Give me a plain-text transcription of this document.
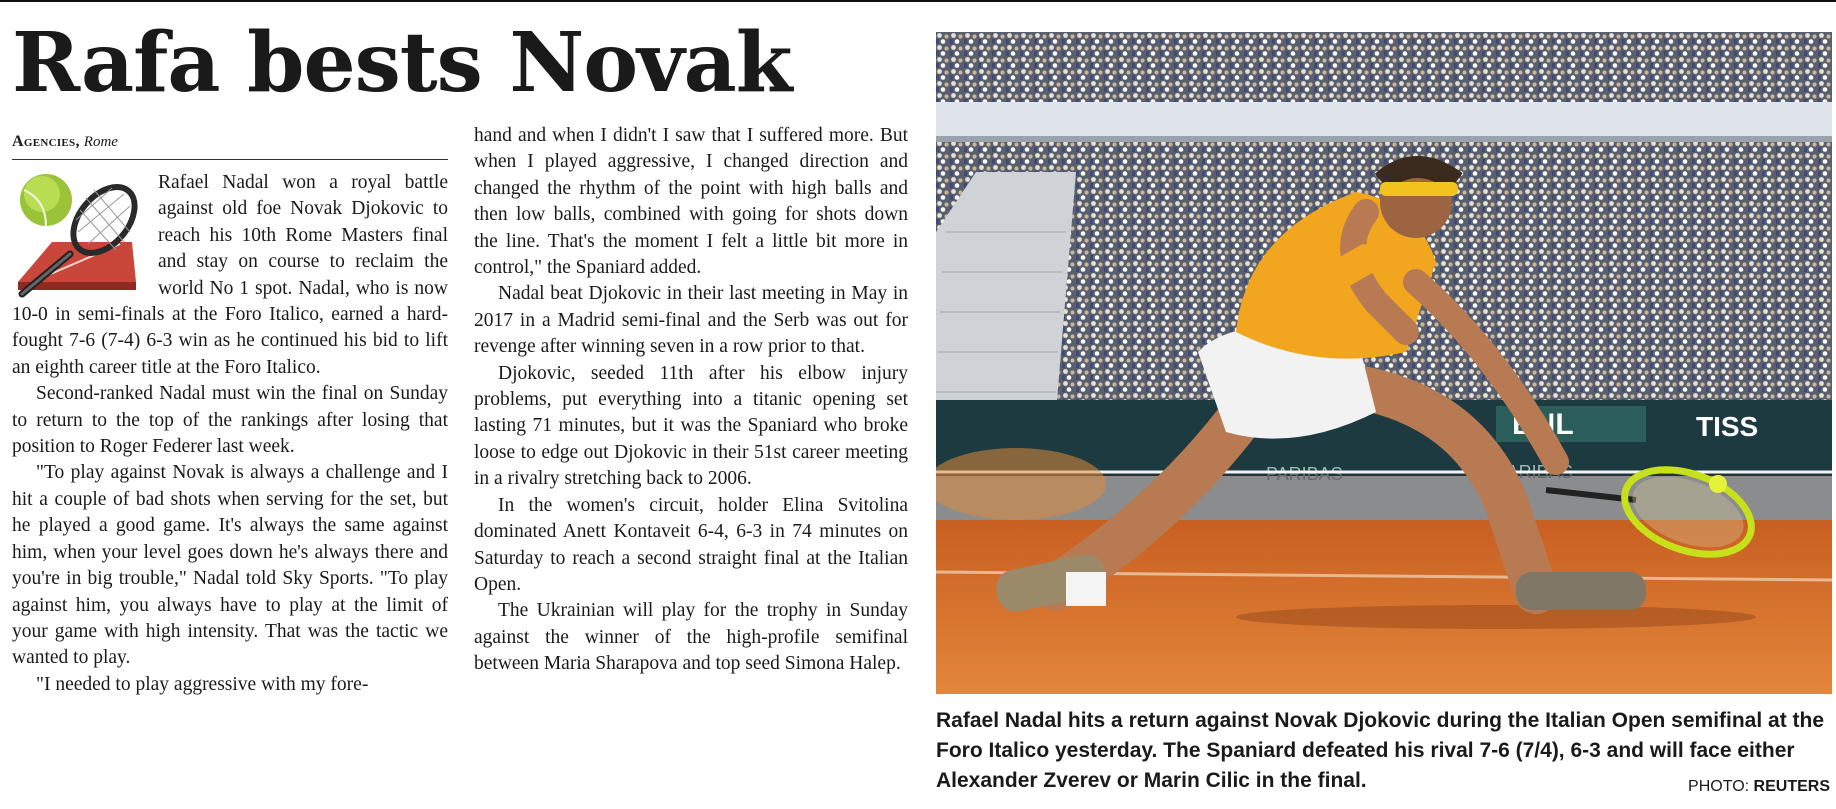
Rafa bests Novak
Agencies, Rome

Rafael Nadal won a royal battle against old foe Novak Djokovic to reach his 10th Rome Masters final and stay on course to reclaim the world No 1 spot. Nadal, who is now 10-0 in semi-finals at the Foro Italico, earned a hard-fought 7-6 (7-4) 6-3 win as he continued his bid to lift an eighth career title at the Foro Italico.

Second-ranked Nadal must win the final on Sunday to return to the top of the rankings after losing that position to Roger Federer last week.

"To play against Novak is always a challenge and I hit a couple of bad shots when serving for the set, but he played a good game. It's always the same against him, when your level goes down he's always there and you're in big trouble," Nadal told Sky Sports. "To play against him, you always have to play at the limit of your game with high intensity. That was the tactic we wanted to play.

"I needed to play aggressive with my fore-

hand and when I didn't I saw that I suffered more. But when I played aggressive, I changed direction and changed the rhythm of the point with high balls and then low balls, combined with going for shots down the line. That's the moment I felt a little bit more in control," the Spaniard added.

Nadal beat Djokovic in their last meeting in May in 2017 in a Madrid semi-final and the Serb was out for revenge after winning seven in a row prior to that.

Djokovic, seeded 11th after his elbow injury problems, put everything into a titanic opening set lasting 71 minutes, but it was the Spaniard who broke loose to edge out Djokovic in their 51st career meeting in a rivalry stretching back to 2006.

In the women's circuit, holder Elina Svitolina dominated Anett Kontaveit 6-4, 6-3 in 74 minutes on Saturday to reach a second straight final at the Italian Open.

The Ukrainian will play for the trophy in Sunday against the winner of the high-profile semifinal between Maria Sharapova and top seed Simona Halep.

BNL	TISS

Rafael Nadal hits a return against Novak Djokovic during the Italian Open semifinal at the Foro Italico yesterday. The Spaniard defeated his rival 7-6 (7/4), 6-3 and will face either Alexander Zverev or Marin Cilic in the final.	PHOTO: REUTERS
